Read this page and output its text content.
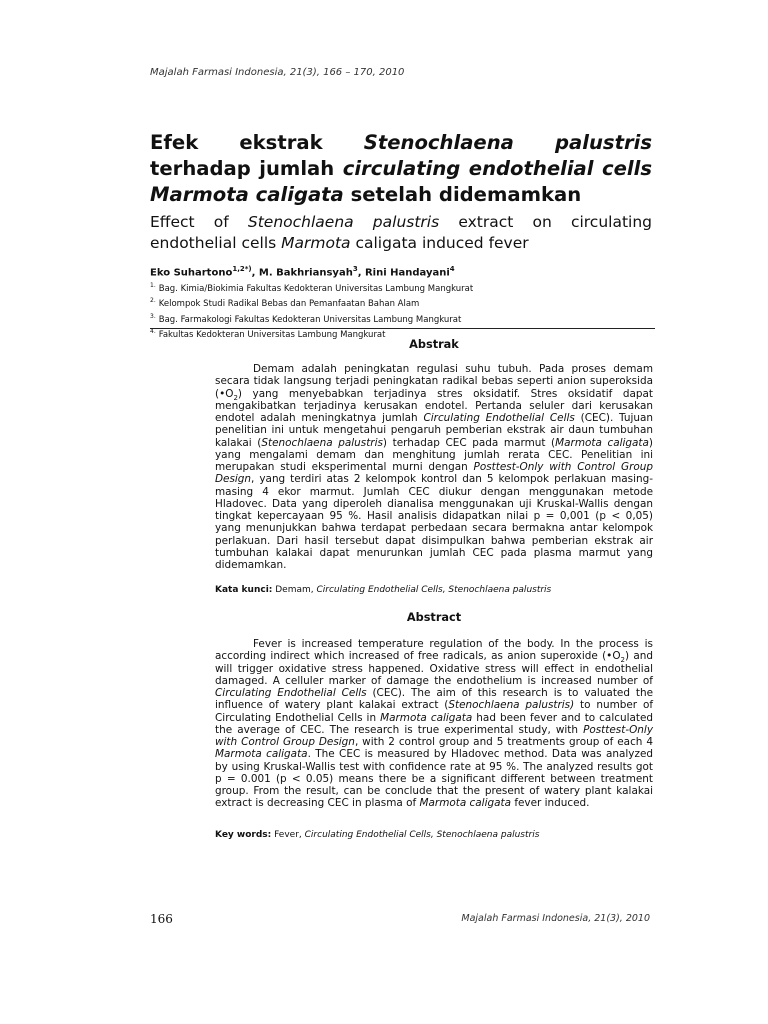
Majalah Farmasi Indonesia, 21(3), 166 – 170, 2010
Efek ekstrak Stenochlaena palustris terhadap jumlah circulating endothelial cells Marmota caligata setelah didemamkan
Effect of Stenochlaena palustris extract on circulating endothelial cells Marmota caligata induced fever
Eko Suhartono$^{1,2*)}$, M. Bakhriansyah$^3$, Rini Handayani$^4$
$^{1.}$ Bag. Kimia/Biokimia Fakultas Kedokteran Universitas Lambung Mangkurat
$^{2.}$ Kelompok Studi Radikal Bebas dan Pemanfaatan Bahan Alam
$^{3.}$ Bag. Farmakologi Fakultas Kedokteran Universitas Lambung Mangkurat
$^{4.}$ Fakultas Kedokteran Universitas Lambung Mangkurat
Abstrak

Demam adalah peningkatan regulasi suhu tubuh. Pada proses demam secara tidak langsung terjadi peningkatan radikal bebas seperti anion superoksida $(•O_2)$ yang menyebabkan terjadinya stres oksidatif. Stres oksidatif dapat mengakibatkan terjadinya kerusakan endotel. Pertanda seluler dari kerusakan endotel adalah meningkatnya jumlah Circulating Endothelial Cells (CEC). Tujuan penelitian ini untuk mengetahui pengaruh pemberian ekstrak air daun tumbuhan kalakai (Stenochlaena palustris) terhadap CEC pada marmut (Marmota caligata) yang mengalami demam dan menghitung jumlah rerata CEC. Penelitian ini merupakan studi eksperimental murni dengan Posttest-Only with Control Group Design, yang terdiri atas 2 kelompok kontrol dan 5 kelompok perlakuan masing-masing 4 ekor marmut. Jumlah CEC diukur dengan menggunakan metode Hladovec. Data yang diperoleh dianalisa menggunakan uji Kruskal-Wallis dengan tingkat kepercayaan 95 %. Hasil analisis didapatkan nilai p = 0,001 (p < 0,05) yang menunjukkan bahwa terdapat perbedaan secara bermakna antar kelompok perlakuan. Dari hasil tersebut dapat disimpulkan bahwa pemberian ekstrak air tumbuhan kalakai dapat menurunkan jumlah CEC pada plasma marmut yang didemamkan.

Kata kunci: Demam, Circulating Endothelial Cells, Stenochlaena palustris
Abstract

Fever is increased temperature regulation of the body. In the process is according indirect which increased of free radicals, as anion superoxide $(•O_2)$ and will trigger oxidative stress happened. Oxidative stress will effect in endothelial damaged. A celluler marker of damage the endothelium is increased number of Circulating Endothelial Cells (CEC). The aim of this research is to valuated the influence of watery plant kalakai extract (Stenochlaena palustris) to number of Circulating Endothelial Cells in Marmota caligata had been fever and to calculated the average of CEC. The research is true experimental study, with Posttest-Only with Control Group Design, with 2 control group and 5 treatments group of each 4 Marmota caligata. The CEC is measured by Hladovec method. Data was analyzed by using Kruskal-Wallis test with confidence rate at 95 %. The analyzed results got p = 0.001 (p < 0.05) means there be a significant different between treatment group. From the result, can be conclude that the present of watery plant kalakai extract is decreasing CEC in plasma of Marmota caligata fever induced.

Key words: Fever, Circulating Endothelial Cells, Stenochlaena palustris
166	Majalah Farmasi Indonesia, 21(3), 2010
